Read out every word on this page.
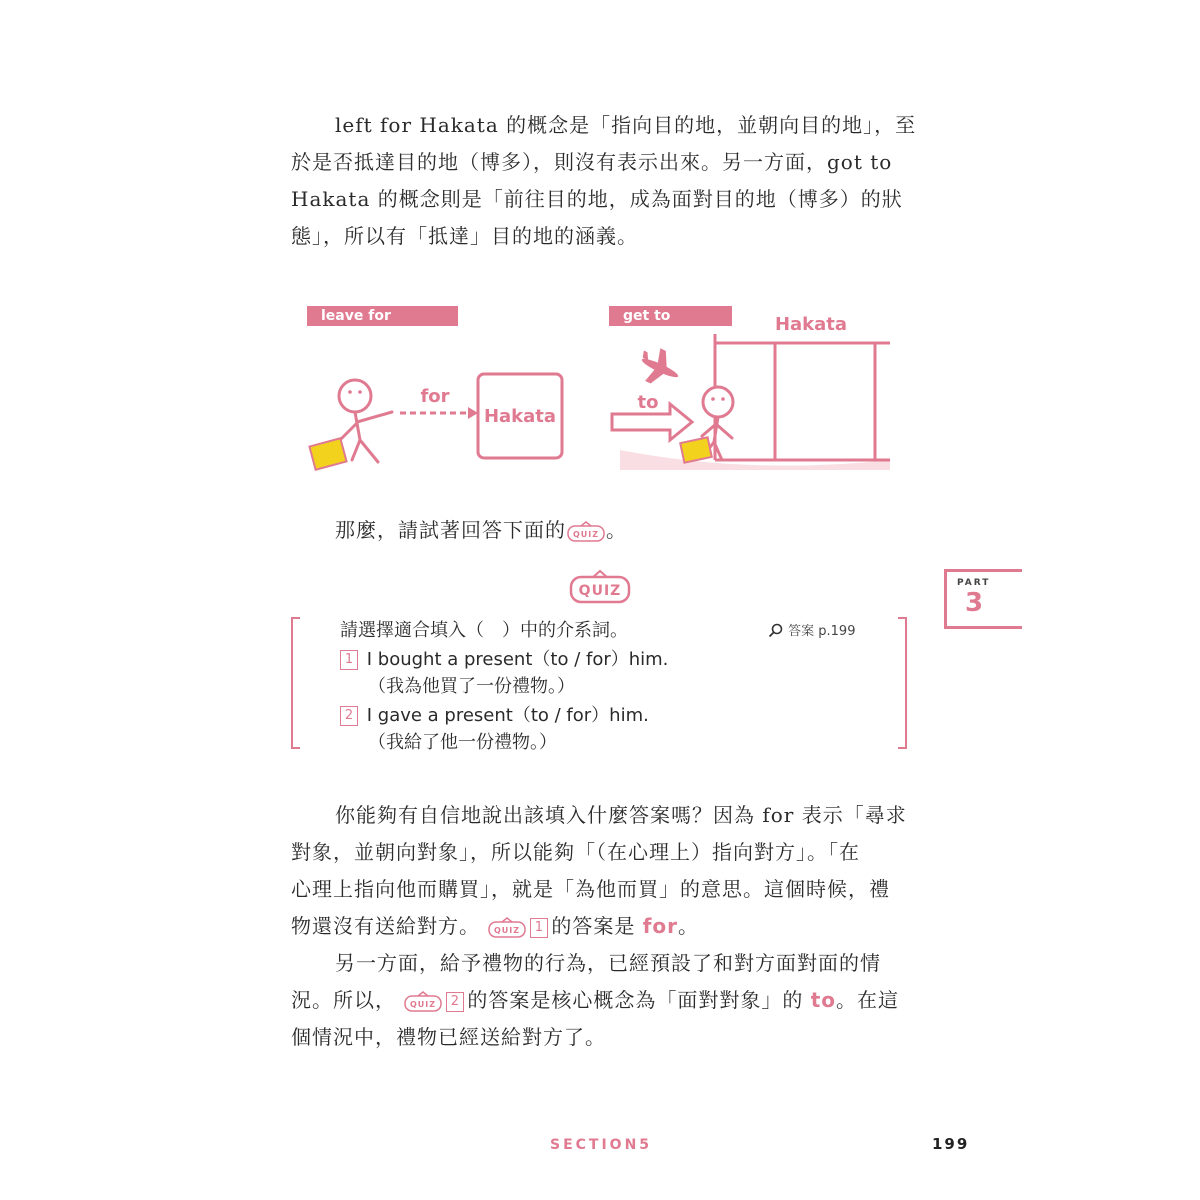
left for Hakata 的概念是「指向目的地，並朝向目的地」，至
於是否抵達目的地（博多），則沒有表示出來。另一方面，got to
Hakata 的概念則是「前往目的地，成為面對目的地（博多）的狀
態」，所以有「抵達」目的地的涵義。
leave for Hakata
for
Hakata
get to Hakata
Hakata
to
那麼，請試著回答下面的 QUIZ 。
QUIZ
請選擇適合填入（　）中的介系詞。	答案 p.199
1 I bought a present（to / for）him.
（我為他買了一份禮物。）
2 I gave a present（to / for）him.
（我給了他一份禮物。）
PART
3
你能夠有自信地說出該填入什麼答案嗎？因為 for 表示「尋求
對象，並朝向對象」，所以能夠「（在心理上）指向對方」。「在
心理上指向他而購買」，就是「為他而買」的意思。這個時候，禮
物還沒有送給對方。 QUIZ 1 的答案是 for。
另一方面，給予禮物的行為，已經預設了和對方面對面的情
況。所以， QUIZ 2 的答案是核心概念為「面對對象」的 to。在這
個情況中，禮物已經送給對方了。
SECTION5	199
